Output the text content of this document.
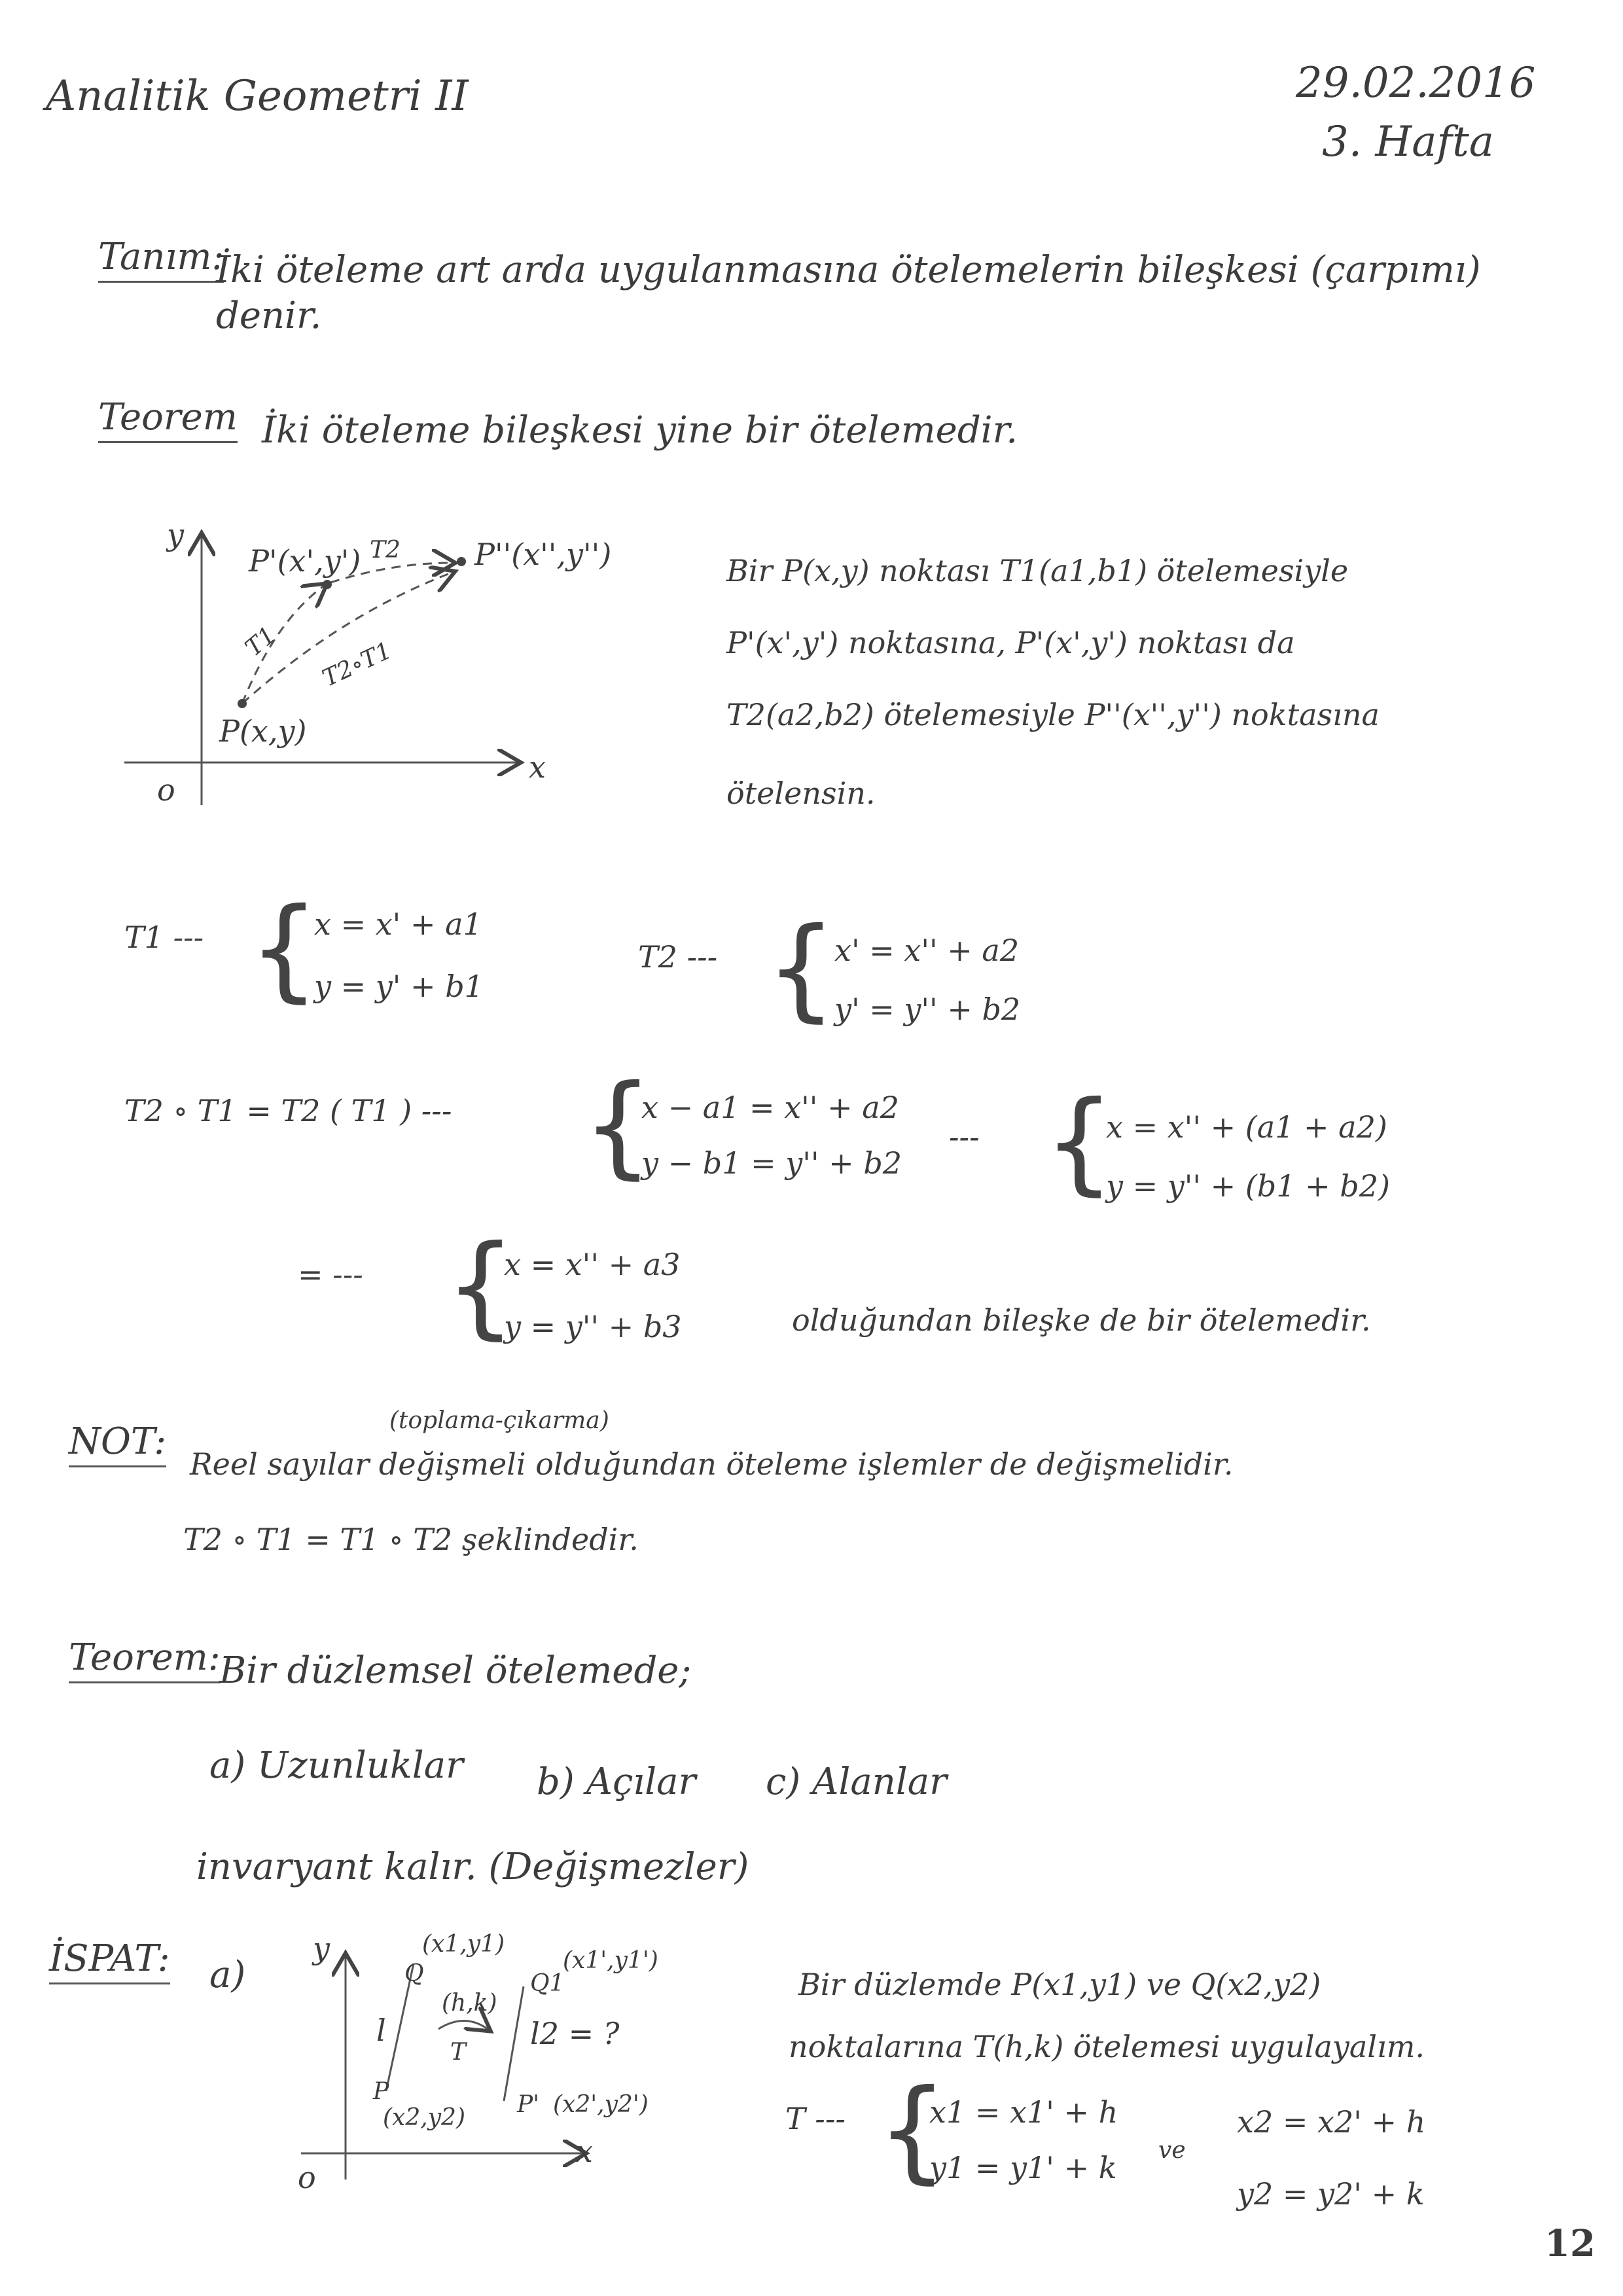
Analitik Geometri II	29.02.2016
3. Hafta
Tanım:
İki öteleme art arda uygulanmasına ötelemelerin bileşkesi (çarpımı)
denir.
Teorem İki öteleme bileşkesi yine bir ötelemedir.
y
x
o
P(x,y)
P'(x',y')	P''(x'',y'')
T1
T2
T2∘T1
Bir P(x,y) noktası T1(a1,b1) ötelemesiyle
P'(x',y') noktasına, P'(x',y') noktası da
T2(a2,b2) ötelemesiyle P''(x'',y'') noktasına
ötelensin.
T1 --- {
x = x' + a1
y = y' + b1
T2 --- {
x' = x'' + a2
y' = y'' + b2
T2 ∘ T1 = T2 ( T1 ) --- {
x − a1 = x'' + a2
y − b1 = y'' + b2
--- {
x = x'' + (a1 + a2)
y = y'' + (b1 + b2)
= --- {
x = x'' + a3
y = y'' + b3	olduğundan bileşke de bir ötelemedir.
NOT:	(toplama-çıkarma)
Reel sayılar değişmeli olduğundan öteleme işlemler de değişmelidir.
T2 ∘ T1 = T1 ∘ T2 şeklindedir.
Teorem:
Bir düzlemsel ötelemede;
a) Uzunluklar b) Açılar c) Alanlar
invaryant kalır. (Değişmezler)
İSPAT: a)
y
x
o
Q
(x1,y1)
Q1
(x1',y1')
P
(x2,y2) P' (x2',y2')
l	l2 = ?
(h,k)
T
Bir düzlemde P(x1,y1) ve Q(x2,y2)
noktalarına T(h,k) ötelemesi uygulayalım.
T --- {
x1 = x1' + h
y1 = y1' + k ve
x2 = x2' + h
y2 = y2' + k
12
